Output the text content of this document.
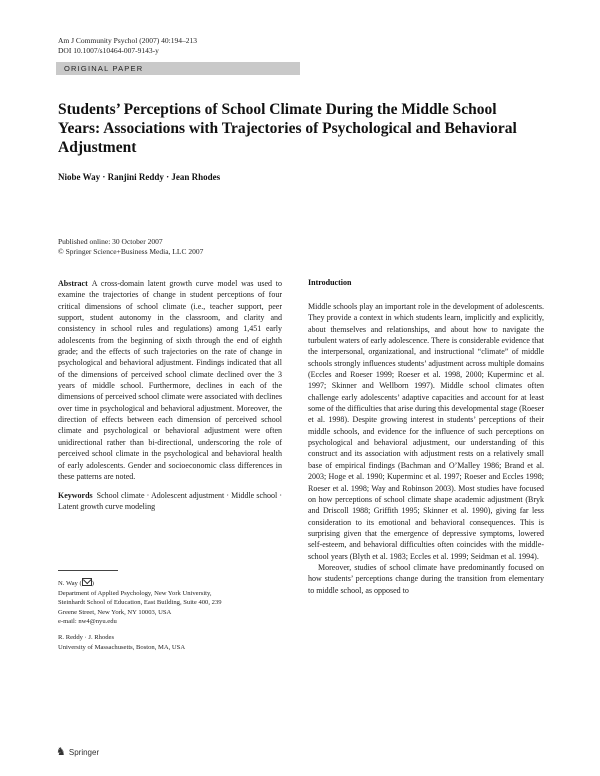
Am J Community Psychol (2007) 40:194–213
DOI 10.1007/s10464-007-9143-y
ORIGINAL PAPER
Students’ Perceptions of School Climate During the Middle School Years: Associations with Trajectories of Psychological and Behavioral Adjustment
Niobe Way · Ranjini Reddy · Jean Rhodes
Published online: 30 October 2007
© Springer Science+Business Media, LLC 2007

Abstract A cross-domain latent growth curve model was used to examine the trajectories of change in student perceptions of four critical dimensions of school climate (i.e., teacher support, peer support, student autonomy in the classroom, and clarity and consistency in school rules and regulations) among 1,451 early adolescents from the beginning of sixth through the end of eighth grade; and the effects of such trajectories on the rate of change in psychological and behavioral adjustment. Findings indicated that all of the dimensions of perceived school climate declined over the 3 years of middle school. Furthermore, declines in each of the dimensions of perceived school climate were associated with declines over time in psychological and behavioral adjustment. Moreover, the direction of effects between each dimension of perceived school climate and psychological or behavioral adjustment were often unidirectional rather than bi-directional, underscoring the role of perceived school climate in the psychological and behavioral health of early adolescents. Gender and socioeconomic class differences in these patterns are noted.

Keywords School climate · Adolescent adjustment · Middle school · Latent growth curve modeling

N. Way ( )
Department of Applied Psychology, New York University,
Steinhardt School of Education, East Building, Suite 400, 239
Greene Street, New York, NY 10003, USA
e-mail: nw4@nyu.edu
R. Reddy · J. Rhodes
University of Massachusetts, Boston, MA, USA
Introduction

Middle schools play an important role in the development of adolescents. They provide a context in which students learn, implicitly and explicitly, about themselves and relationships, and about how to navigate the turbulent waters of early adolescence. There is considerable evidence that the interpersonal, organizational, and instructional “climate” of middle schools strongly influences students’ adjustment across multiple domains (Eccles and Roeser 1999; Roeser et al. 1998, 2000; Kuperminc et al. 1997; Skinner and Wellborn 1997). Middle school climates often challenge early adolescents’ adaptive capacities and account for at least some of the difficulties that arise during this developmental stage (Roeser et al. 1998). Despite growing interest in students’ perceptions of their middle schools, and evidence for the influence of such perceptions on psychological and behavioral adjustment, our understanding of this construct and its association with adjustment rests on a relatively small base of empirical findings (Bachman and O’Malley 1986; Brand et al. 2003; Hoge et al. 1990; Kuperminc et al. 1997; Roeser and Eccles 1998; Roeser et al. 1998; Way and Robinson 2003). Most studies have focused on how perceptions of school climate shape academic adjustment (Bryk and Driscoll 1988; Griffith 1995; Skinner et al. 1990), giving far less consideration to its emotional and behavioral consequences. This is surprising given that the emergence of depressive symptoms, lowered self-esteem, and behavioral difficulties often coincides with the middle-school years (Blyth et al. 1983; Eccles et al. 1999; Seidman et al. 1994).

Moreover, studies of school climate have predominantly focused on how students’ perceptions change during the transition from elementary to middle school, as opposed to

♞ Springer
